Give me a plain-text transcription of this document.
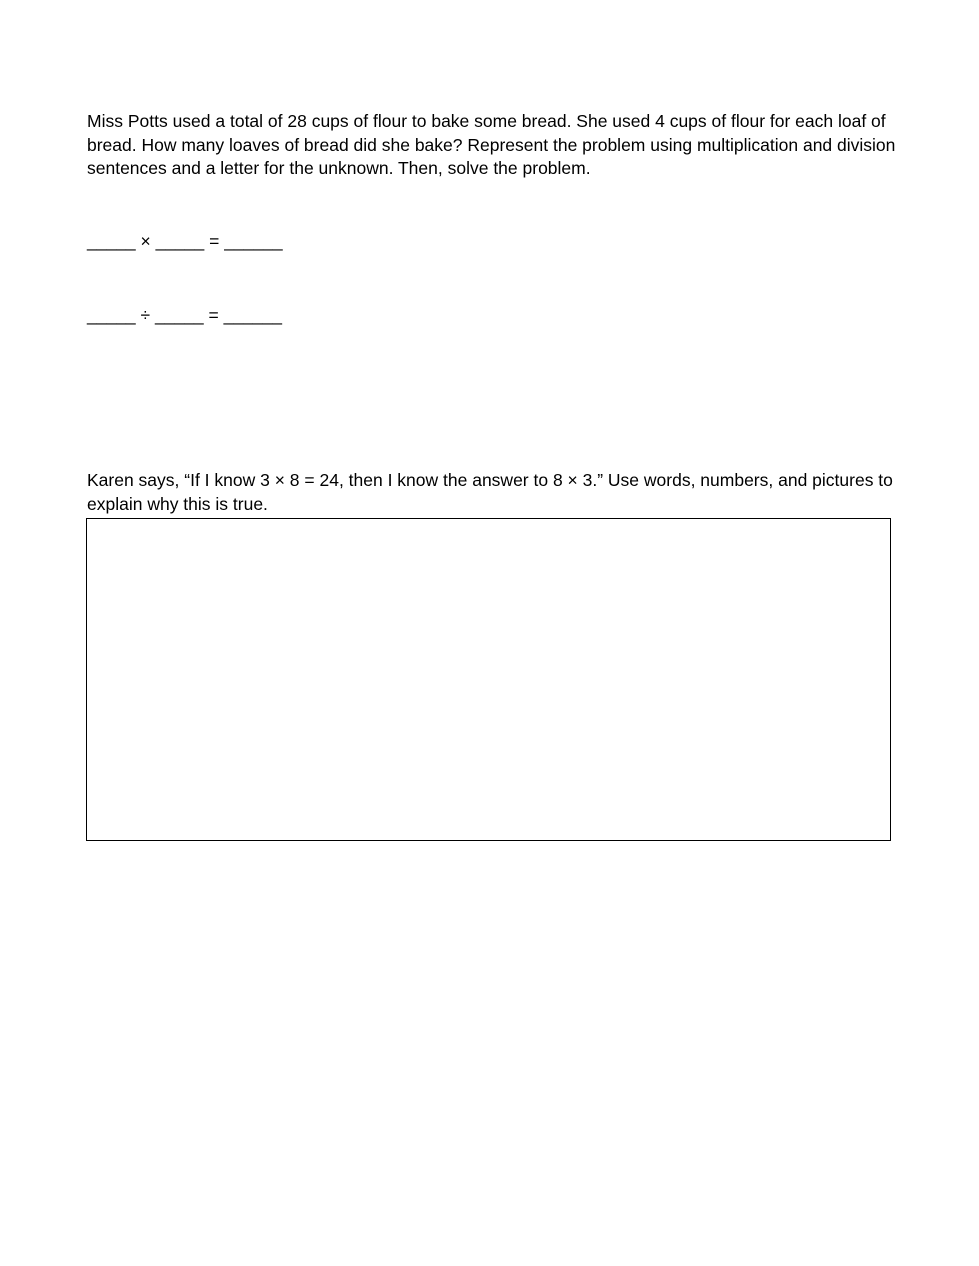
Miss Potts used a total of 28 cups of flour to bake some bread. She used 4 cups of flour for each loaf of bread. How many loaves of bread did she bake? Represent the problem using multiplication and division sentences and a letter for the unknown. Then, solve the problem.

_____ × _____ = ______
_____ ÷ _____ = ______

Karen says, “If I know 3 × 8 = 24, then I know the answer to 8 × 3.” Use words, numbers, and pictures to explain why this is true.
